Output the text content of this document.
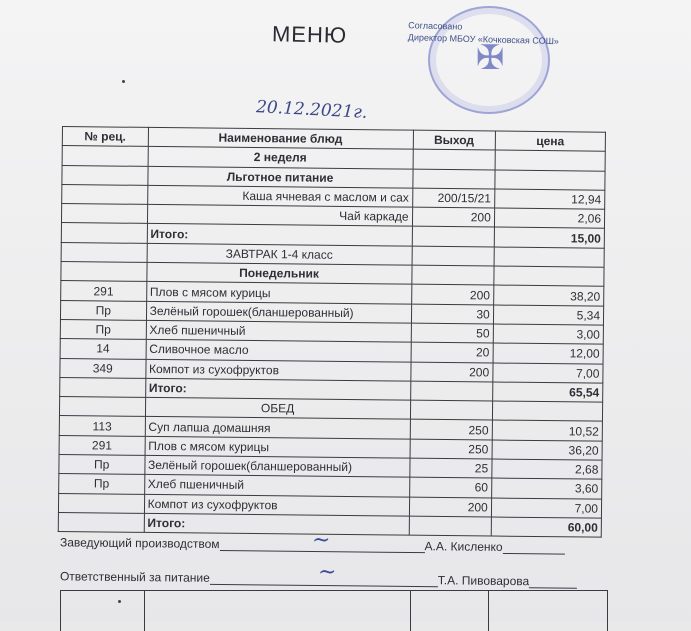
МЕНЮ
✠
Согласовано
Директор МБОУ «Кочковская СОШ»
20.12.2021г.
№ рец.	Наименование блюд	Выход	цена
	2 неделя		
	Льготное питание		
	Каша ячневая с маслом и сах	200/15/21	12,94
	Чай каркаде	200	2,06
	Итого:		15,00
	ЗАВТРАК 1-4 класс		
	Понедельник		
291	Плов с мясом курицы	200	38,20
Пр	Зелёный горошек(бланшерованный)	30	5,34
Пр	Хлеб пшеничный	50	3,00
14	Сливочное масло	20	12,00
349	Компот из сухофруктов	200	7,00
	Итого:		65,54
	ОБЕД		
113	Суп лапша домашняя	250	10,52
291	Плов с мясом курицы	250	36,20
Пр	Зелёный горошек(бланшерованный)	25	2,68
Пр	Хлеб пшеничный	60	3,60
	Компот из сухофруктов	200	7,00
	Итого:		60,00
Заведующий производством	А.А. Кисленко
~
Ответственный за питание	Т.А. Пивоварова
~
